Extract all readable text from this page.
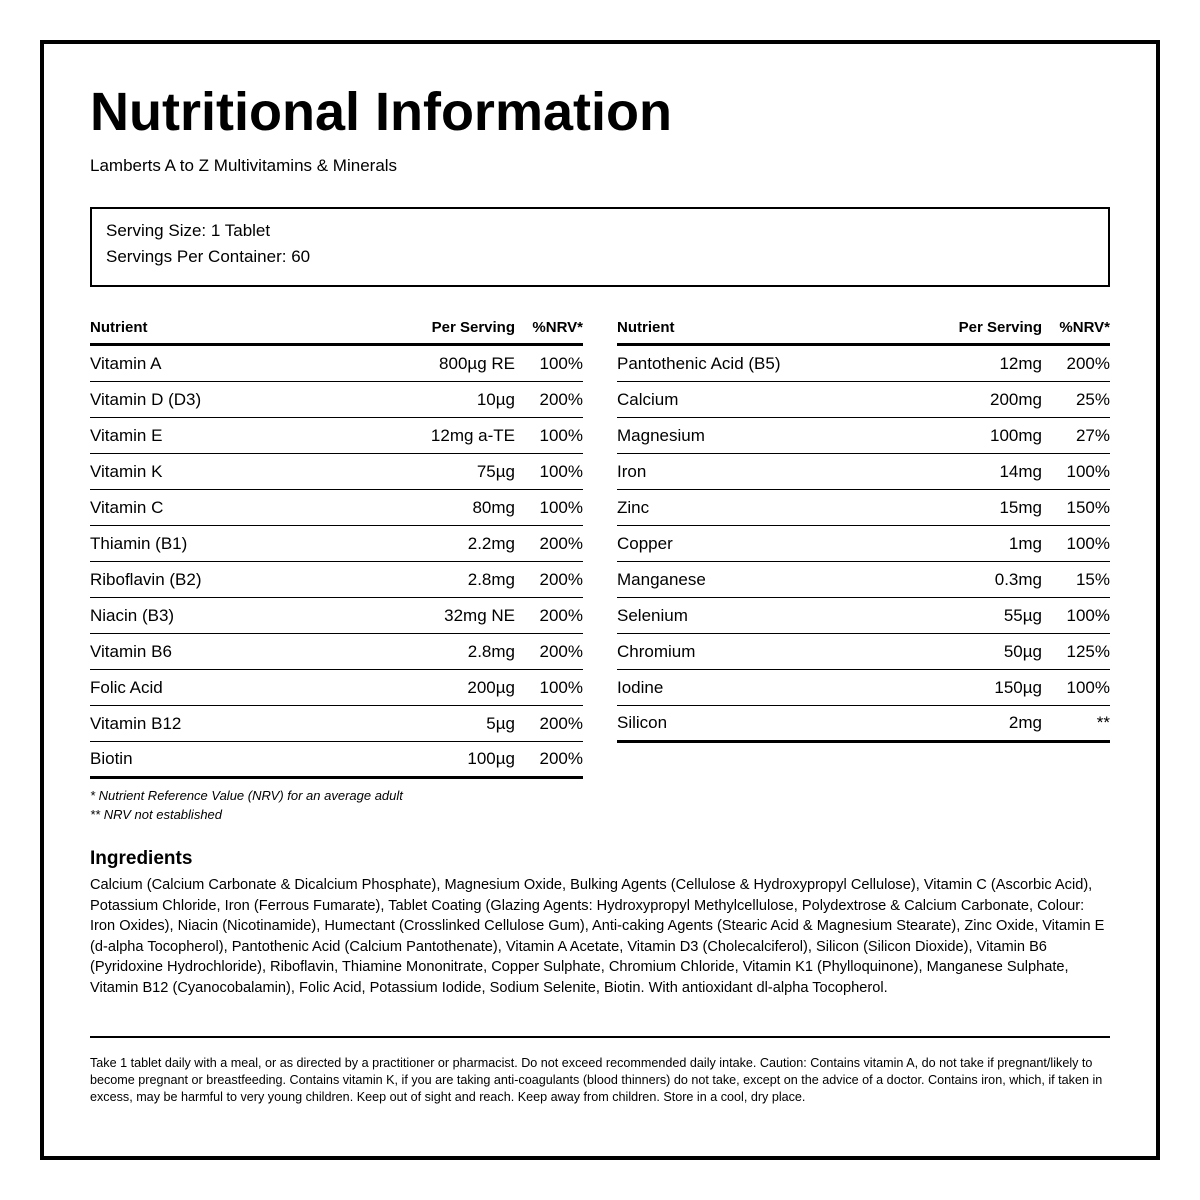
Nutritional Information
Lamberts A to Z Multivitamins & Minerals
Serving Size: 1 Tablet
Servings Per Container: 60
Nutrient	Per Serving	%NRV*
Vitamin A	800µg RE	100%
Vitamin D (D3)	10µg	200%
Vitamin E	12mg a-TE	100%
Vitamin K	75µg	100%
Vitamin C	80mg	100%
Thiamin (B1)	2.2mg	200%
Riboflavin (B2)	2.8mg	200%
Niacin (B3)	32mg NE	200%
Vitamin B6	2.8mg	200%
Folic Acid	200µg	100%
Vitamin B12	5µg	200%
Biotin	100µg	200%
Nutrient	Per Serving	%NRV*
Pantothenic Acid (B5)	12mg	200%
Calcium	200mg	25%
Magnesium	100mg	27%
Iron	14mg	100%
Zinc	15mg	150%
Copper	1mg	100%
Manganese	0.3mg	15%
Selenium	55µg	100%
Chromium	50µg	125%
Iodine	150µg	100%
Silicon	2mg	**
* Nutrient Reference Value (NRV) for an average adult
** NRV not established
Ingredients

Calcium (Calcium Carbonate & Dicalcium Phosphate), Magnesium Oxide, Bulking Agents (Cellulose & Hydroxypropyl Cellulose), Vitamin C (Ascorbic Acid), Potassium Chloride, Iron (Ferrous Fumarate), Tablet Coating (Glazing Agents: Hydroxypropyl Methylcellulose, Polydextrose & Calcium Carbonate, Colour: Iron Oxides), Niacin (Nicotinamide), Humectant (Crosslinked Cellulose Gum), Anti-caking Agents (Stearic Acid & Magnesium Stearate), Zinc Oxide, Vitamin E (d-alpha Tocopherol), Pantothenic Acid (Calcium Pantothenate), Vitamin A Acetate, Vitamin D3 (Cholecalciferol), Silicon (Silicon Dioxide), Vitamin B6 (Pyridoxine Hydrochloride), Riboflavin, Thiamine Mononitrate, Copper Sulphate, Chromium Chloride, Vitamin K1 (Phylloquinone), Manganese Sulphate, Vitamin B12 (Cyanocobalamin), Folic Acid, Potassium Iodide, Sodium Selenite, Biotin. With antioxidant dl-alpha Tocopherol.

Take 1 tablet daily with a meal, or as directed by a practitioner or pharmacist. Do not exceed recommended daily intake. Caution: Contains vitamin A, do not take if pregnant/likely to become pregnant or breastfeeding. Contains vitamin K, if you are taking anti-coagulants (blood thinners) do not take, except on the advice of a doctor. Contains iron, which, if taken in excess, may be harmful to very young children. Keep out of sight and reach. Keep away from children. Store in a cool, dry place.
